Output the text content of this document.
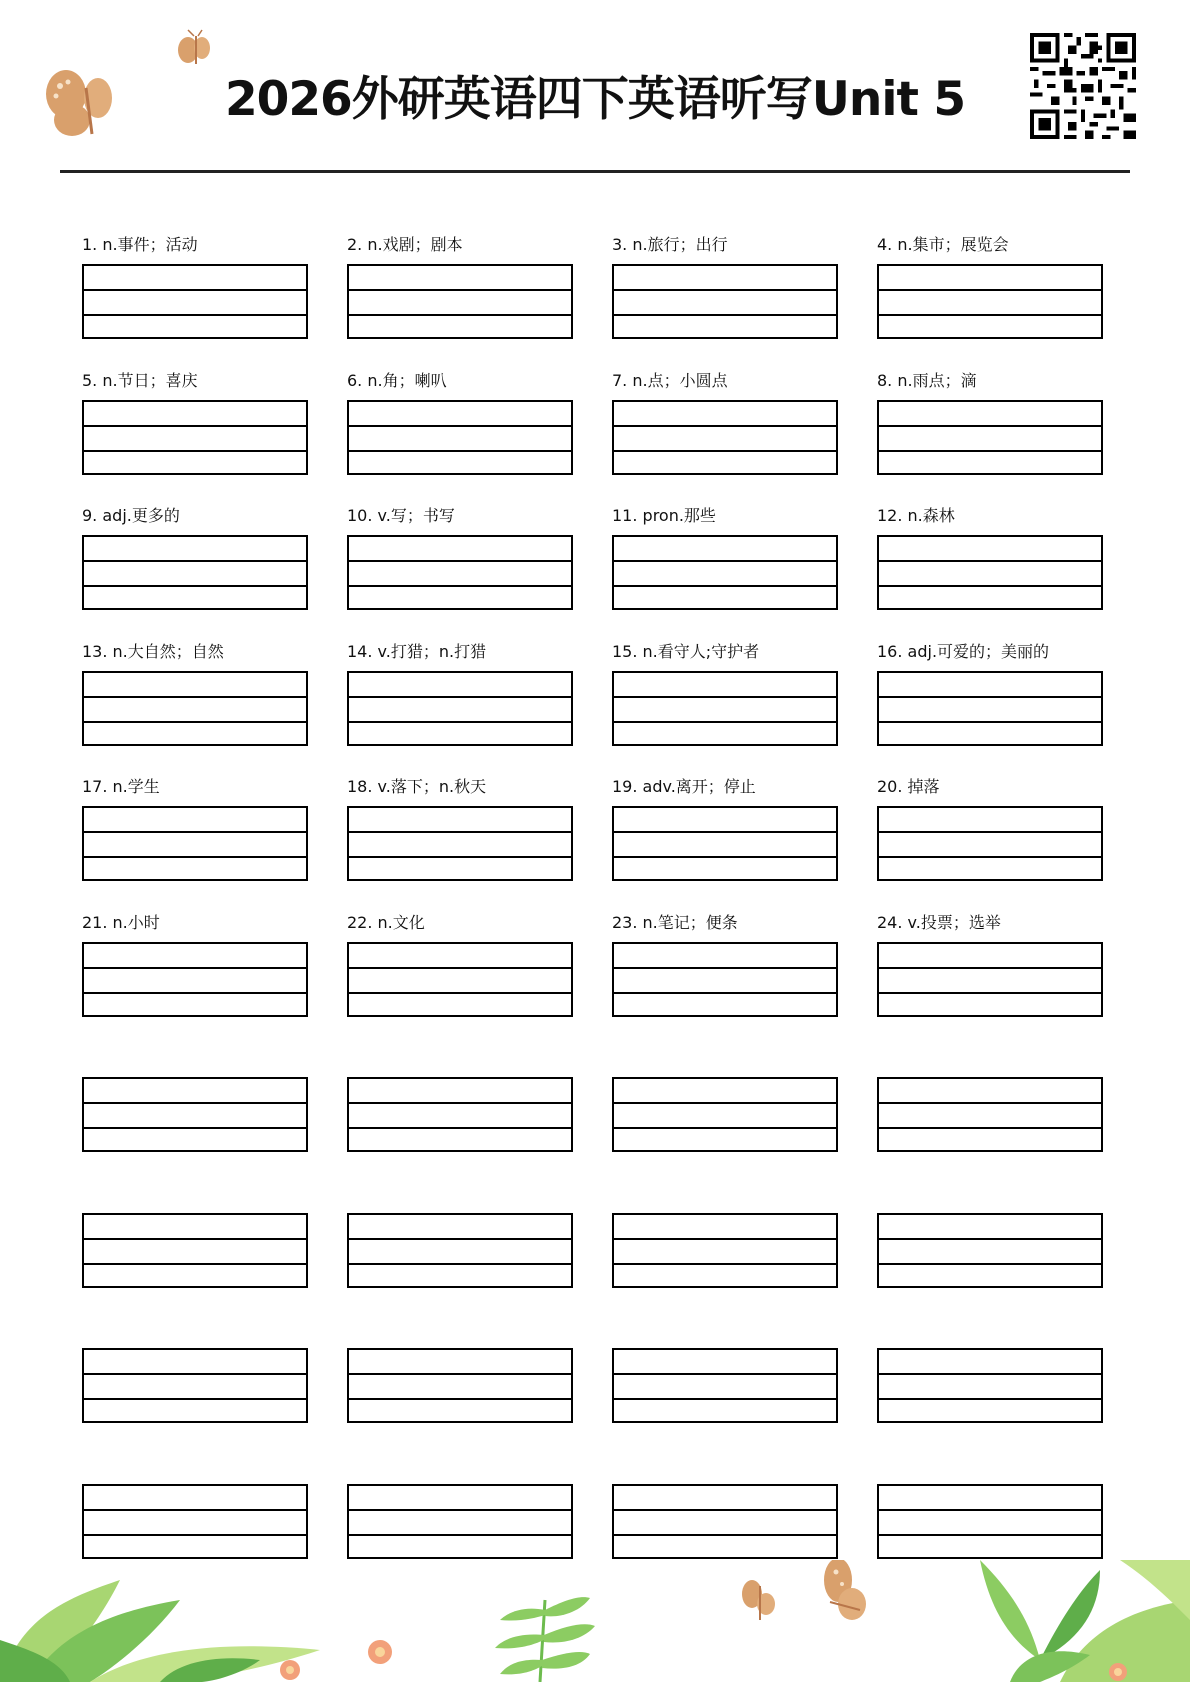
2026外研英语四下英语听写Unit 5
1. n.事件；活动	2. n.戏剧；剧本	3. n.旅行；出行	4. n.集市；展览会
5. n.节日；喜庆	6. n.角；喇叭	7. n.点；小圆点	8. n.雨点；滴
9. adj.更多的	10. v.写；书写	11. pron.那些	12. n.森林
13. n.大自然；自然	14. v.打猎；n.打猎	15. n.看守人;守护者	16. adj.可爱的；美丽的
17. n.学生	18. v.落下；n.秋天	19. adv.离开；停止	20. 掉落
21. n.小时	22. n.文化	23. n.笔记；便条	24. v.投票；选举
